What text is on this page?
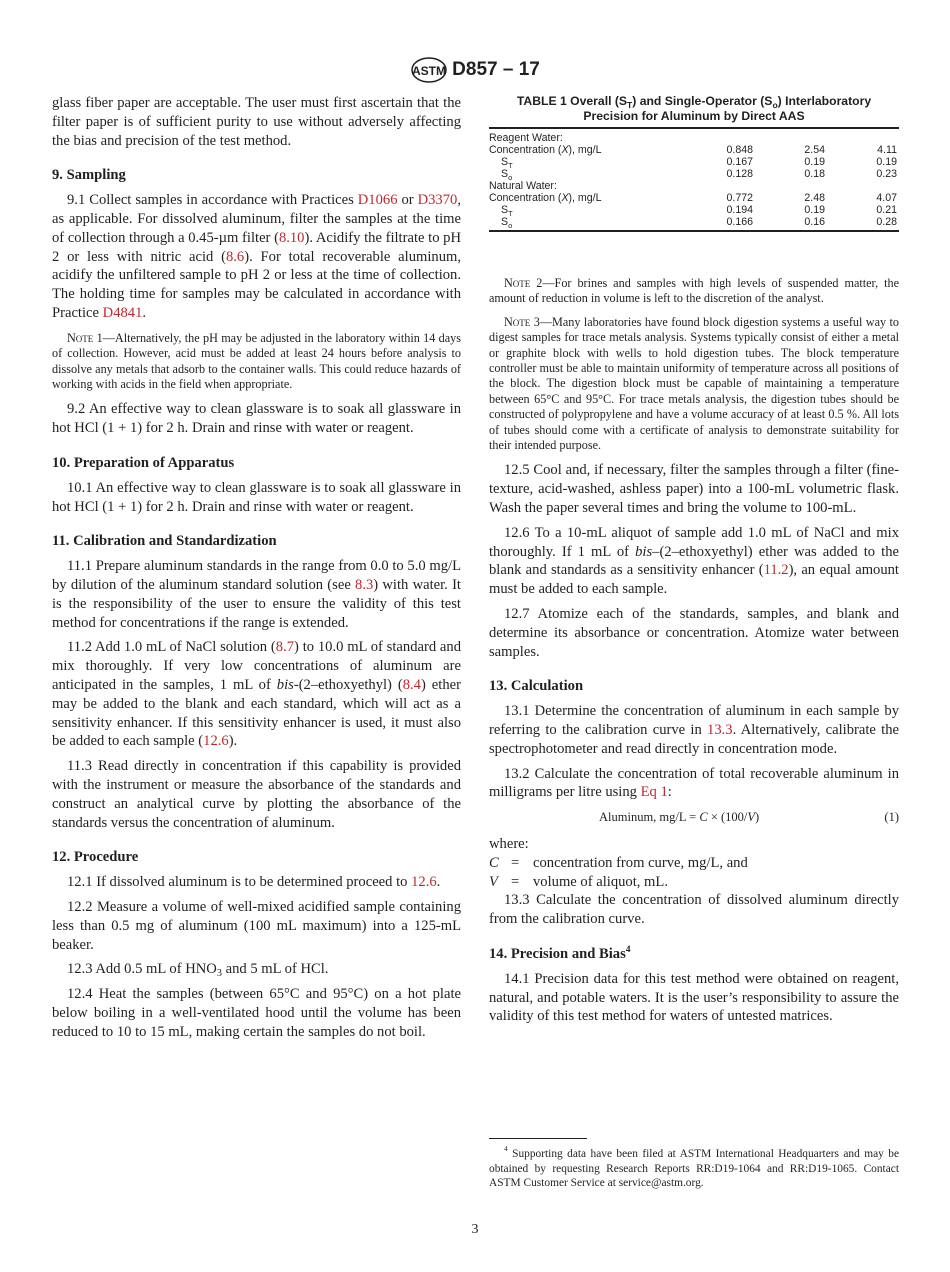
ASTM D857 – 17
glass fiber paper are acceptable. The user must first ascertain that the filter paper is of sufficient purity to use without adversely affecting the bias and precision of the test method.
9. Sampling
9.1 Collect samples in accordance with Practices D1066 or D3370, as applicable. For dissolved aluminum, filter the samples at the time of collection through a 0.45-µm filter (8.10). Acidify the filtrate to pH 2 or less with nitric acid (8.6). For total recoverable aluminum, acidify the unfiltered sample to pH 2 or less at the time of collection. The holding time for samples may be calculated in accordance with Practice D4841.
Note 1—Alternatively, the pH may be adjusted in the laboratory within 14 days of collection. However, acid must be added at least 24 hours before analysis to dissolve any metals that adsorb to the container walls. This could reduce hazards of working with acids in the field when appropriate.
9.2 An effective way to clean glassware is to soak all glassware in hot HCl (1 + 1) for 2 h. Drain and rinse with water or reagent.
10. Preparation of Apparatus
10.1 An effective way to clean glassware is to soak all glassware in hot HCl (1 + 1) for 2 h. Drain and rinse with water or reagent.
11. Calibration and Standardization
11.1 Prepare aluminum standards in the range from 0.0 to 5.0 mg/L by dilution of the aluminum standard solution (see 8.3) with water. It is the responsibility of the user to ensure the validity of this test method for concentrations if the range is extended.
11.2 Add 1.0 mL of NaCl solution (8.7) to 10.0 mL of standard and mix thoroughly. If very low concentrations of aluminum are anticipated in the samples, 1 mL of bis-(2–ethoxyethyl) (8.4) ether may be added to the blank and each standard, which will act as a sensitivity enhancer. If this sensitivity enhancer is used, it must also be added to each sample (12.6).
11.3 Read directly in concentration if this capability is provided with the instrument or measure the absorbance of the standards and construct an analytical curve by plotting the absorbance of the standards versus the concentration of aluminum.
12. Procedure
12.1 If dissolved aluminum is to be determined proceed to 12.6.
12.2 Measure a volume of well-mixed acidified sample containing less than 0.5 mg of aluminum (100 mL maximum) into a 125-mL beaker.
12.3 Add 0.5 mL of $HNO_3$ and 5 mL of HCl.
12.4 Heat the samples (between 65°C and 95°C) on a hot plate below boiling in a well-ventilated hood until the volume has been reduced to 10 to 15 mL, making certain the samples do not boil.
TABLE 1 Overall $(S_T)$ and Single-Operator $(S_o)$ Interlaboratory Precision for Aluminum by Direct AAS
Reagent Water:			
Concentration (X), mg/L	0.848	2.54	4.11
$S_T$	0.167	0.19	0.19
$S_o$	0.128	0.18	0.23
Natural Water:			
Concentration (X), mg/L	0.772	2.48	4.07
$S_T$	0.194	0.19	0.21
$S_o$	0.166	0.16	0.28
Note 2—For brines and samples with high levels of suspended matter, the amount of reduction in volume is left to the discretion of the analyst.
Note 3—Many laboratories have found block digestion systems a useful way to digest samples for trace metals analysis. Systems typically consist of either a metal or graphite block with wells to hold digestion tubes. The block temperature controller must be able to maintain uniformity of temperature across all positions of the block. The digestion block must be capable of maintaining a temperature between 65°C and 95°C. For trace metals analysis, the digestion tubes should be constructed of polypropylene and have a volume accuracy of at least 0.5 %. All lots of tubes should come with a certificate of analysis to demonstrate suitability for their intended purpose.
12.5 Cool and, if necessary, filter the samples through a filter (fine-texture, acid-washed, ashless paper) into a 100-mL volumetric flask. Wash the paper several times and bring the volume to 100-mL.
12.6 To a 10-mL aliquot of sample add 1.0 mL of NaCl and mix thoroughly. If 1 mL of bis–(2–ethoxyethyl) ether was added to the blank and standards as a sensitivity enhancer (11.2), an equal amount must be added to each sample.
12.7 Atomize each of the standards, samples, and blank and determine its absorbance or concentration. Atomize water between samples.
13. Calculation
13.1 Determine the concentration of aluminum in each sample by referring to the calibration curve in 13.3. Alternatively, calibrate the spectrophotometer and read directly in concentration mode.
13.2 Calculate the concentration of total recoverable aluminum in milligrams per litre using Eq 1:
Aluminum, mg/L = C × (100/V)	(1)
where:
C = concentration from curve, mg/L, and
V = volume of aliquot, mL.
13.3 Calculate the concentration of dissolved aluminum directly from the calibration curve.
14. Precision and Bias$^4$
14.1 Precision data for this test method were obtained on reagent, natural, and potable waters. It is the user’s responsibility to assure the validity of this test method for waters of untested matrices.

$^4$ Supporting data have been filed at ASTM International Headquarters and may be obtained by requesting Research Reports RR:D19-1064 and RR:D19-1065. Contact ASTM Customer Service at service@astm.org.

3
